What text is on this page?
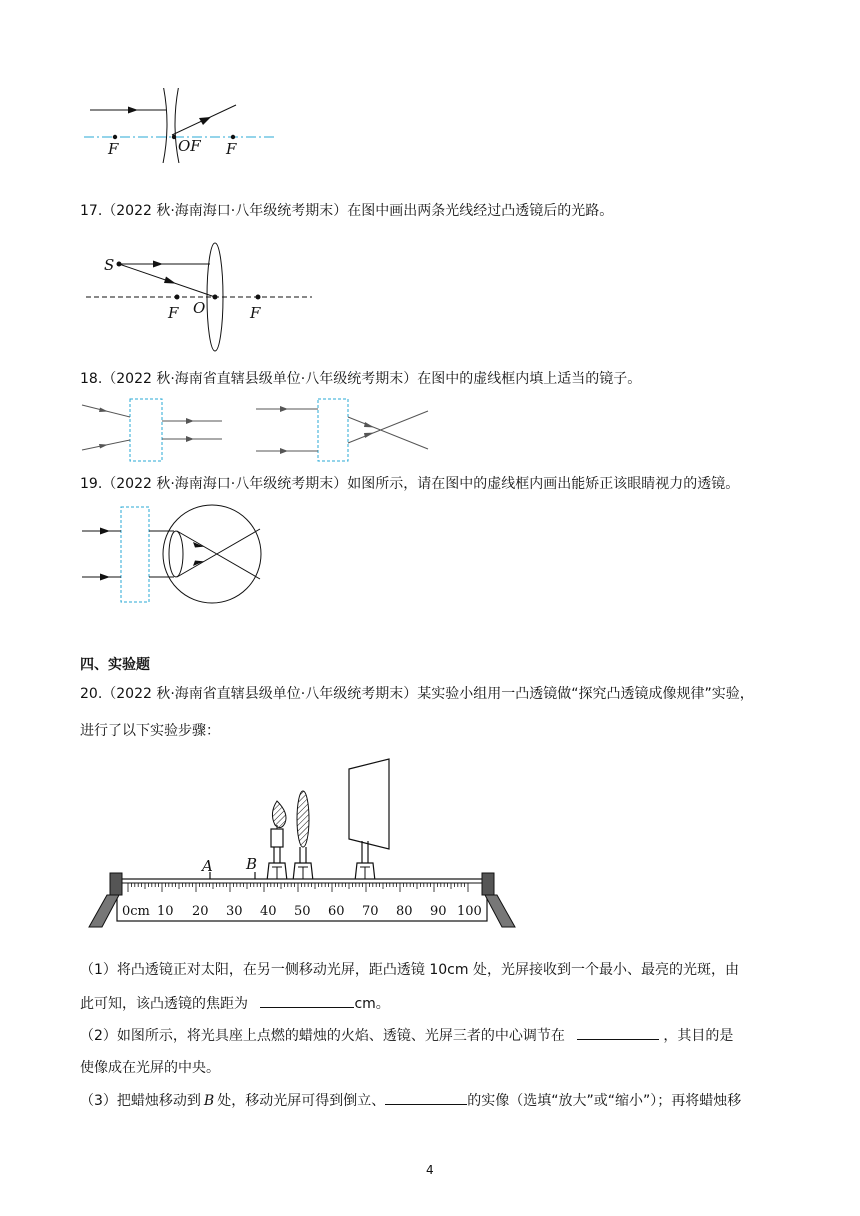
F	OF F
17.（2022 秋·海南海口·八年级统考期末）在图中画出两条光线经过凸透镜后的光路。
S
F O	F
18.（2022 秋·海南省直辖县级单位·八年级统考期末）在图中的虚线框内填上适当的镜子。
19.（2022 秋·海南海口·八年级统考期末）如图所示，请在图中的虚线框内画出能矫正该眼睛视力的透镜。
四、实验题
20.（2022 秋·海南省直辖县级单位·八年级统考期末）某实验小组用一凸透镜做“探究凸透镜成像规律”实验，
进行了以下实验步骤：
A B
0cm 10 20 30 40 50 60 70 80 90 100
（1）将凸透镜正对太阳，在另一侧移动光屏，距凸透镜 10cm 处，光屏接收到一个最小、最亮的光斑，由
此可知，该凸透镜的焦距为	cm。
（2）如图所示，将光具座上点燃的蜡烛的火焰、透镜、光屏三者的中心调节在	，其目的是
使像成在光屏的中央。
（3）把蜡烛移动到 B 处，移动光屏可得到倒立、	的实像（选填“放大”或“缩小”）；再将蜡烛移
4
